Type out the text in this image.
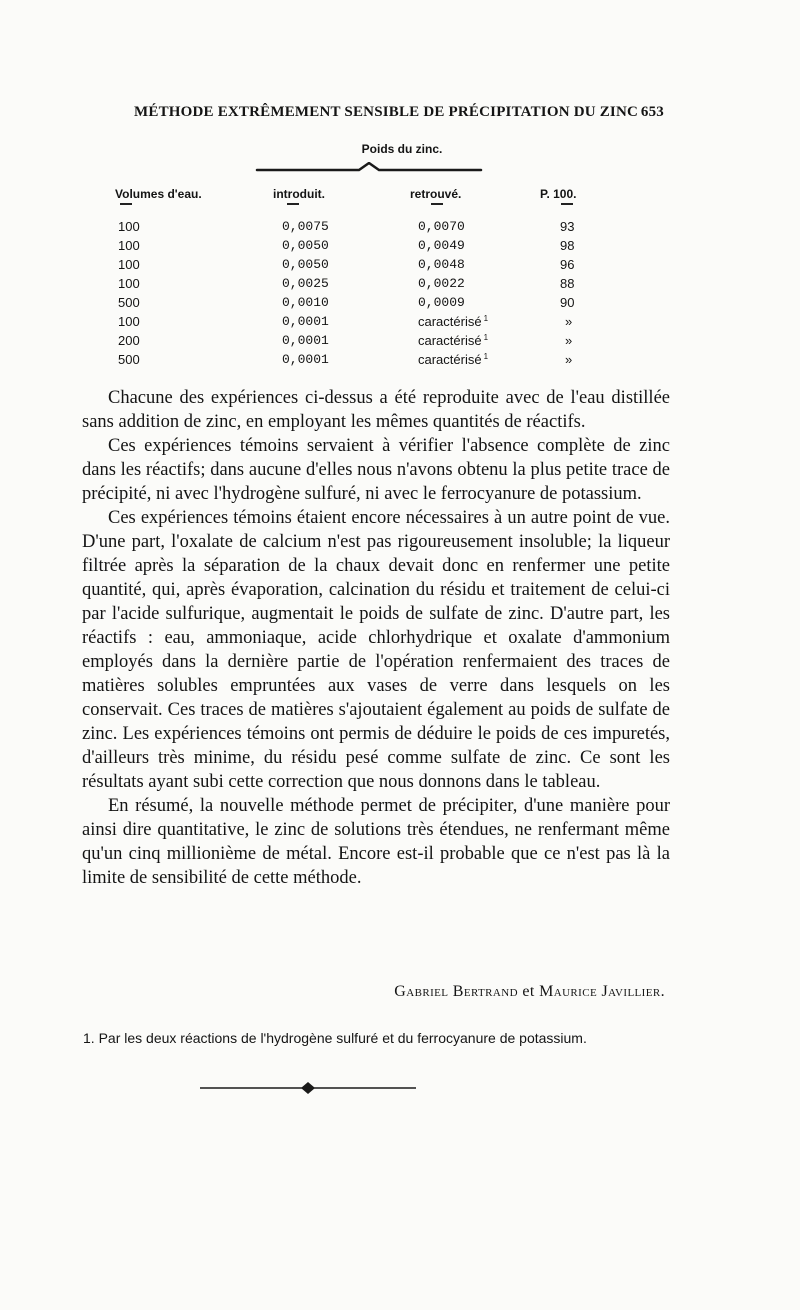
MÉTHODE EXTRÊMEMENT SENSIBLE DE PRÉCIPITATION DU ZINC 653
Poids du zinc.
Volumes d'eau.	introduit.	retrouvé.	P. 100.
100	0,0075	0,0070	93
100	0,0050	0,0049	98
100	0,0050	0,0048	96
100	0,0025	0,0022	88
500	0,0010	0,0009	90
100	0,0001	caractérisé $^1$	»
200	0,0001	caractérisé $^1$	»
500	0,0001	caractérisé $^1$	»

Chacune des expériences ci-dessus a été reproduite avec de l'eau distillée sans addition de zinc, en employant les mêmes quantités de réactifs.

Ces expériences témoins servaient à vérifier l'absence complète de zinc dans les réactifs; dans aucune d'elles nous n'avons obtenu la plus petite trace de précipité, ni avec l'hydrogène sulfuré, ni avec le ferrocyanure de potassium.

Ces expériences témoins étaient encore nécessaires à un autre point de vue. D'une part, l'oxalate de calcium n'est pas rigoureusement insoluble; la liqueur filtrée après la séparation de la chaux devait donc en renfermer une petite quantité, qui, après évaporation, calcination du résidu et traitement de celui-ci par l'acide sulfurique, augmentait le poids de sulfate de zinc. D'autre part, les réactifs : eau, ammoniaque, acide chlorhydrique et oxalate d'ammonium employés dans la dernière partie de l'opération renfermaient des traces de matières solubles empruntées aux vases de verre dans lesquels on les conservait. Ces traces de matières s'ajoutaient également au poids de sulfate de zinc. Les expériences témoins ont permis de déduire le poids de ces impuretés, d'ailleurs très minime, du résidu pesé comme sulfate de zinc. Ce sont les résultats ayant subi cette correction que nous donnons dans le tableau.

En résumé, la nouvelle méthode permet de précipiter, d'une manière pour ainsi dire quantitative, le zinc de solutions très étendues, ne renfermant même qu'un cinq millionième de métal. Encore est-il probable que ce n'est pas là la limite de sensibilité de cette méthode.

Gabriel Bertrand et Maurice Javillier.
1. Par les deux réactions de l'hydrogène sulfuré et du ferrocyanure de potassium.
